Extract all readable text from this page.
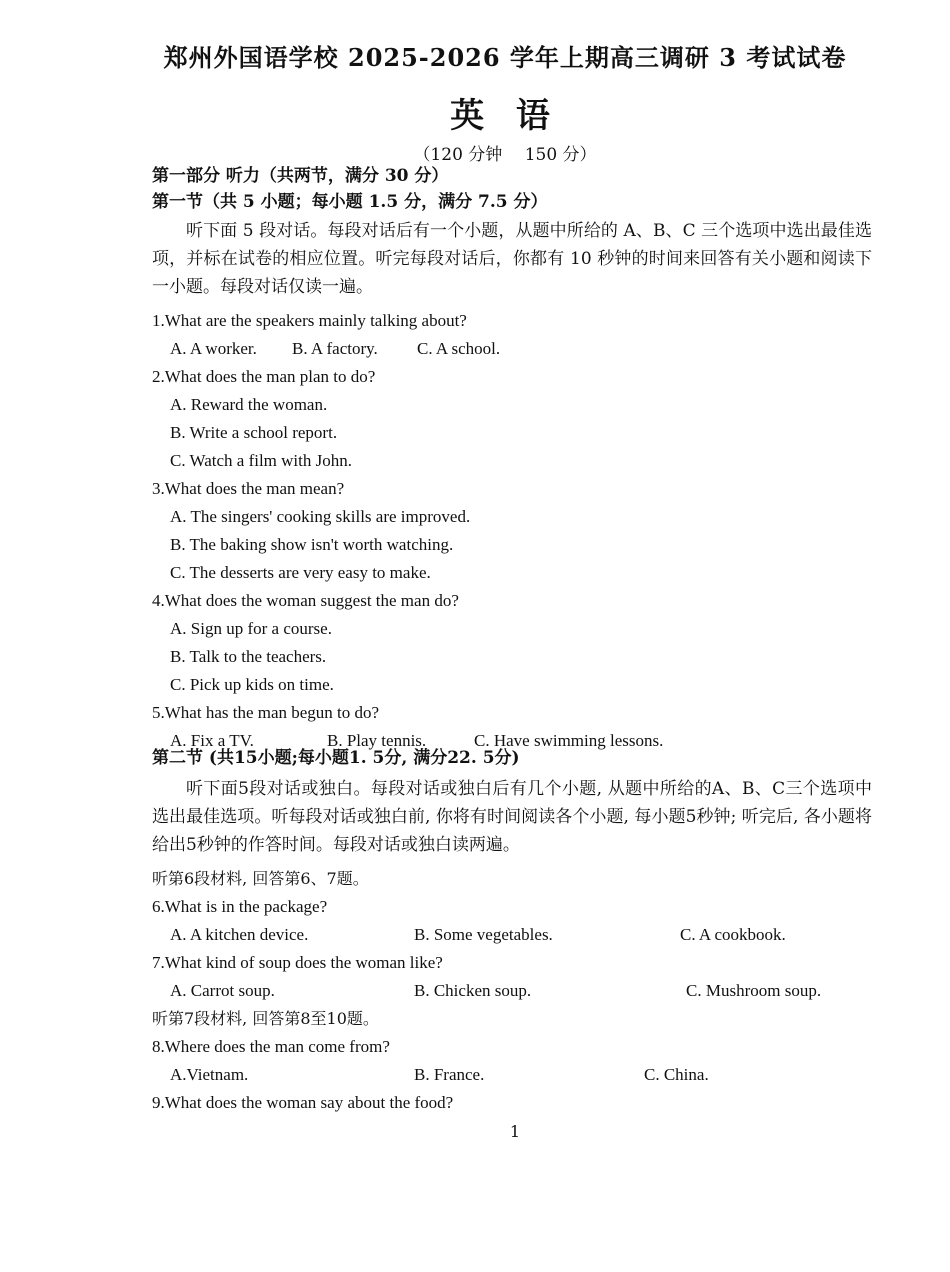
郑州外国语学校 2025-2026 学年上期高三调研 3 考试试卷
英 语
（120 分钟　 150 分）
第一部分 听力（共两节，满分 30 分）
第一节（共 5 小题；每小题 1.5 分，满分 7.5 分）
听下面 5 段对话。每段对话后有一个小题，从题中所给的 A、B、C 三个选项中选出最佳选项，并标在试卷的相应位置。听完每段对话后，你都有 10 秒钟的时间来回答有关小题和阅读下一小题。每段对话仅读一遍。
1.What are the speakers mainly talking about?
A. A worker. B. A factory. C. A school.
2.What does the man plan to do?
A. Reward the woman.
B. Write a school report.
C. Watch a film with John.
3.What does the man mean?
A. The singers' cooking skills are improved.
B. The baking show isn't worth watching.
C. The desserts are very easy to make.
4.What does the woman suggest the man do?
A. Sign up for a course.
B. Talk to the teachers.
C. Pick up kids on time.
5.What has the man begun to do?
A. Fix a TV.	B. Play tennis.	C. Have swimming lessons.
第二节 (共15小题;每小题1. 5分, 满分22. 5分)
听下面5段对话或独白。每段对话或独白后有几个小题, 从题中所给的A、B、C三个选项中选出最佳选项。听每段对话或独白前, 你将有时间阅读各个小题, 每小题5秒钟; 听完后, 各小题将给出5秒钟的作答时间。每段对话或独白读两遍。
听第6段材料, 回答第6、7题。
6.What is in the package?
A. A kitchen device.	B. Some vegetables.	C. A cookbook.
7.What kind of soup does the woman like?
A. Carrot soup.	B. Chicken soup.	C. Mushroom soup.
听第7段材料, 回答第8至10题。
8.Where does the man come from?
A.Vietnam.	B. France.	C. China.
9.What does the woman say about the food?
1
